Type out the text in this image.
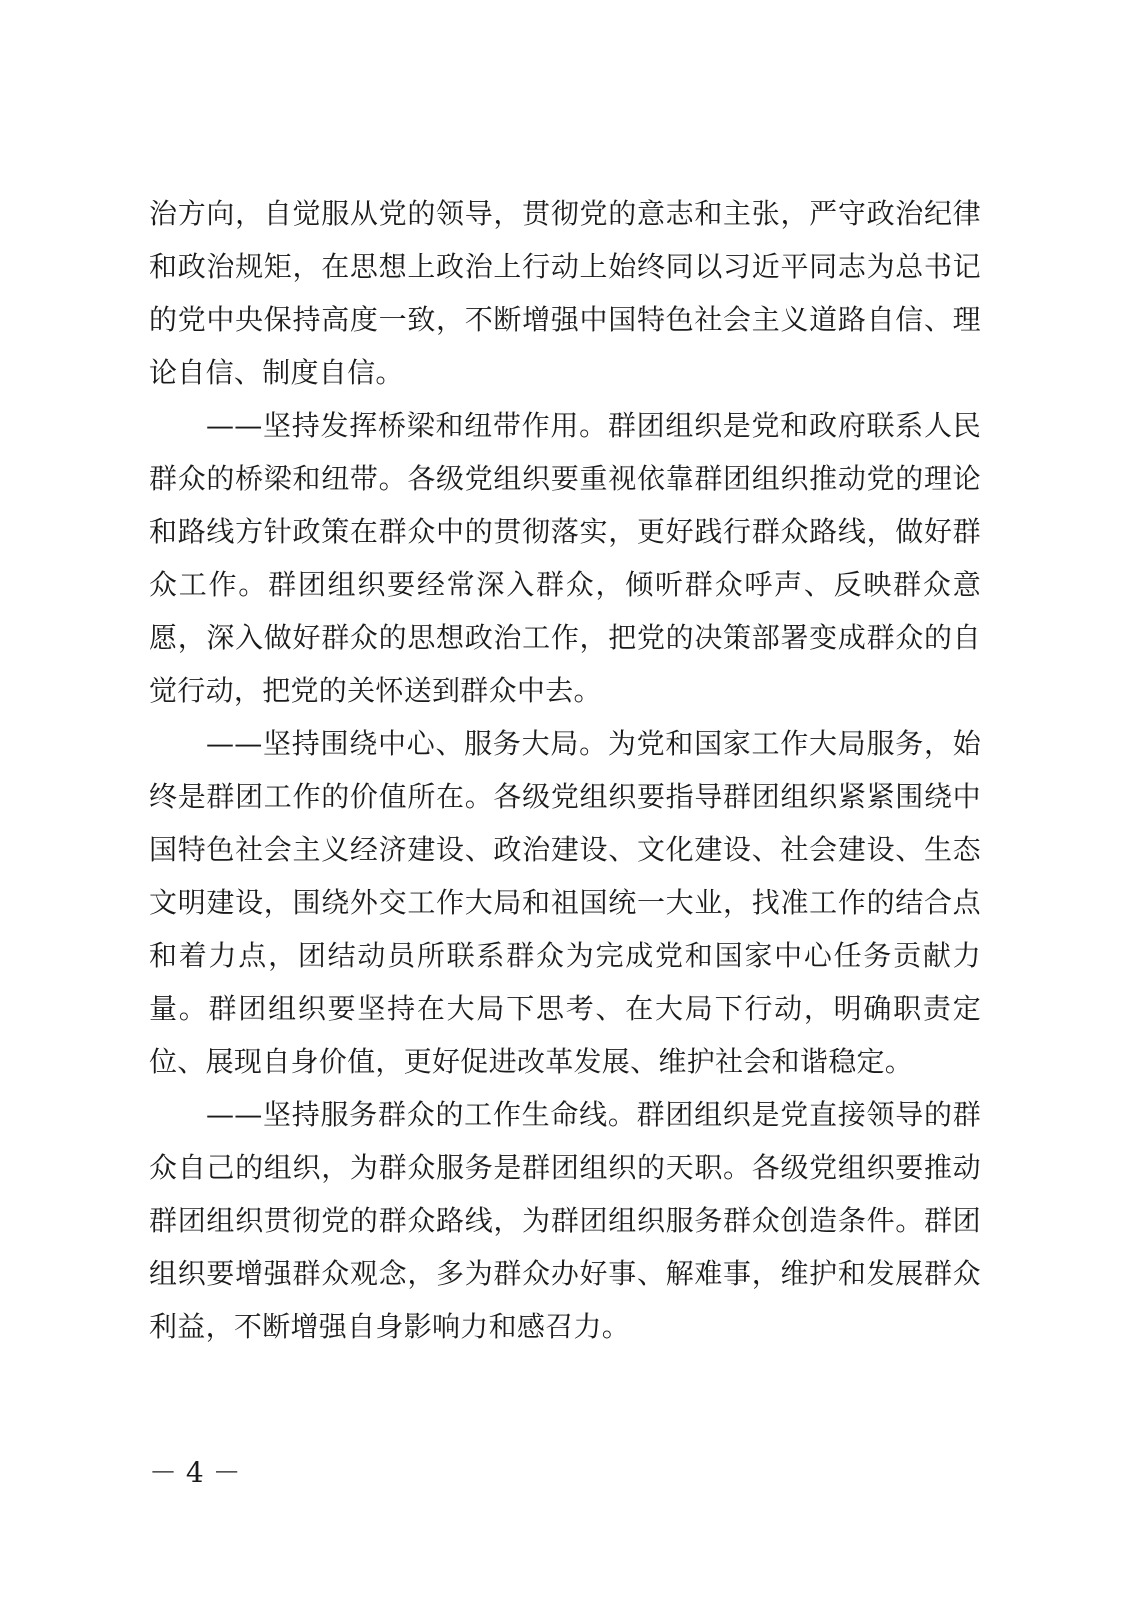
治方向，自觉服从党的领导，贯彻党的意志和主张，严守政治纪律和政治规矩，在思想上政治上行动上始终同以习近平同志为总书记的党中央保持高度一致，不断增强中国特色社会主义道路自信、理论自信、制度自信。

——坚持发挥桥梁和纽带作用。群团组织是党和政府联系人民群众的桥梁和纽带。各级党组织要重视依靠群团组织推动党的理论和路线方针政策在群众中的贯彻落实，更好践行群众路线，做好群众工作。群团组织要经常深入群众，倾听群众呼声、反映群众意愿，深入做好群众的思想政治工作，把党的决策部署变成群众的自觉行动，把党的关怀送到群众中去。

——坚持围绕中心、服务大局。为党和国家工作大局服务，始终是群团工作的价值所在。各级党组织要指导群团组织紧紧围绕中国特色社会主义经济建设、政治建设、文化建设、社会建设、生态文明建设，围绕外交工作大局和祖国统一大业，找准工作的结合点和着力点，团结动员所联系群众为完成党和国家中心任务贡献力量。群团组织要坚持在大局下思考、在大局下行动，明确职责定位、展现自身价值，更好促进改革发展、维护社会和谐稳定。

——坚持服务群众的工作生命线。群团组织是党直接领导的群众自己的组织，为群众服务是群团组织的天职。各级党组织要推动群团组织贯彻党的群众路线，为群团组织服务群众创造条件。群团组织要增强群众观念，多为群众办好事、解难事，维护和发展群众利益，不断增强自身影响力和感召力。

－ 4 －
